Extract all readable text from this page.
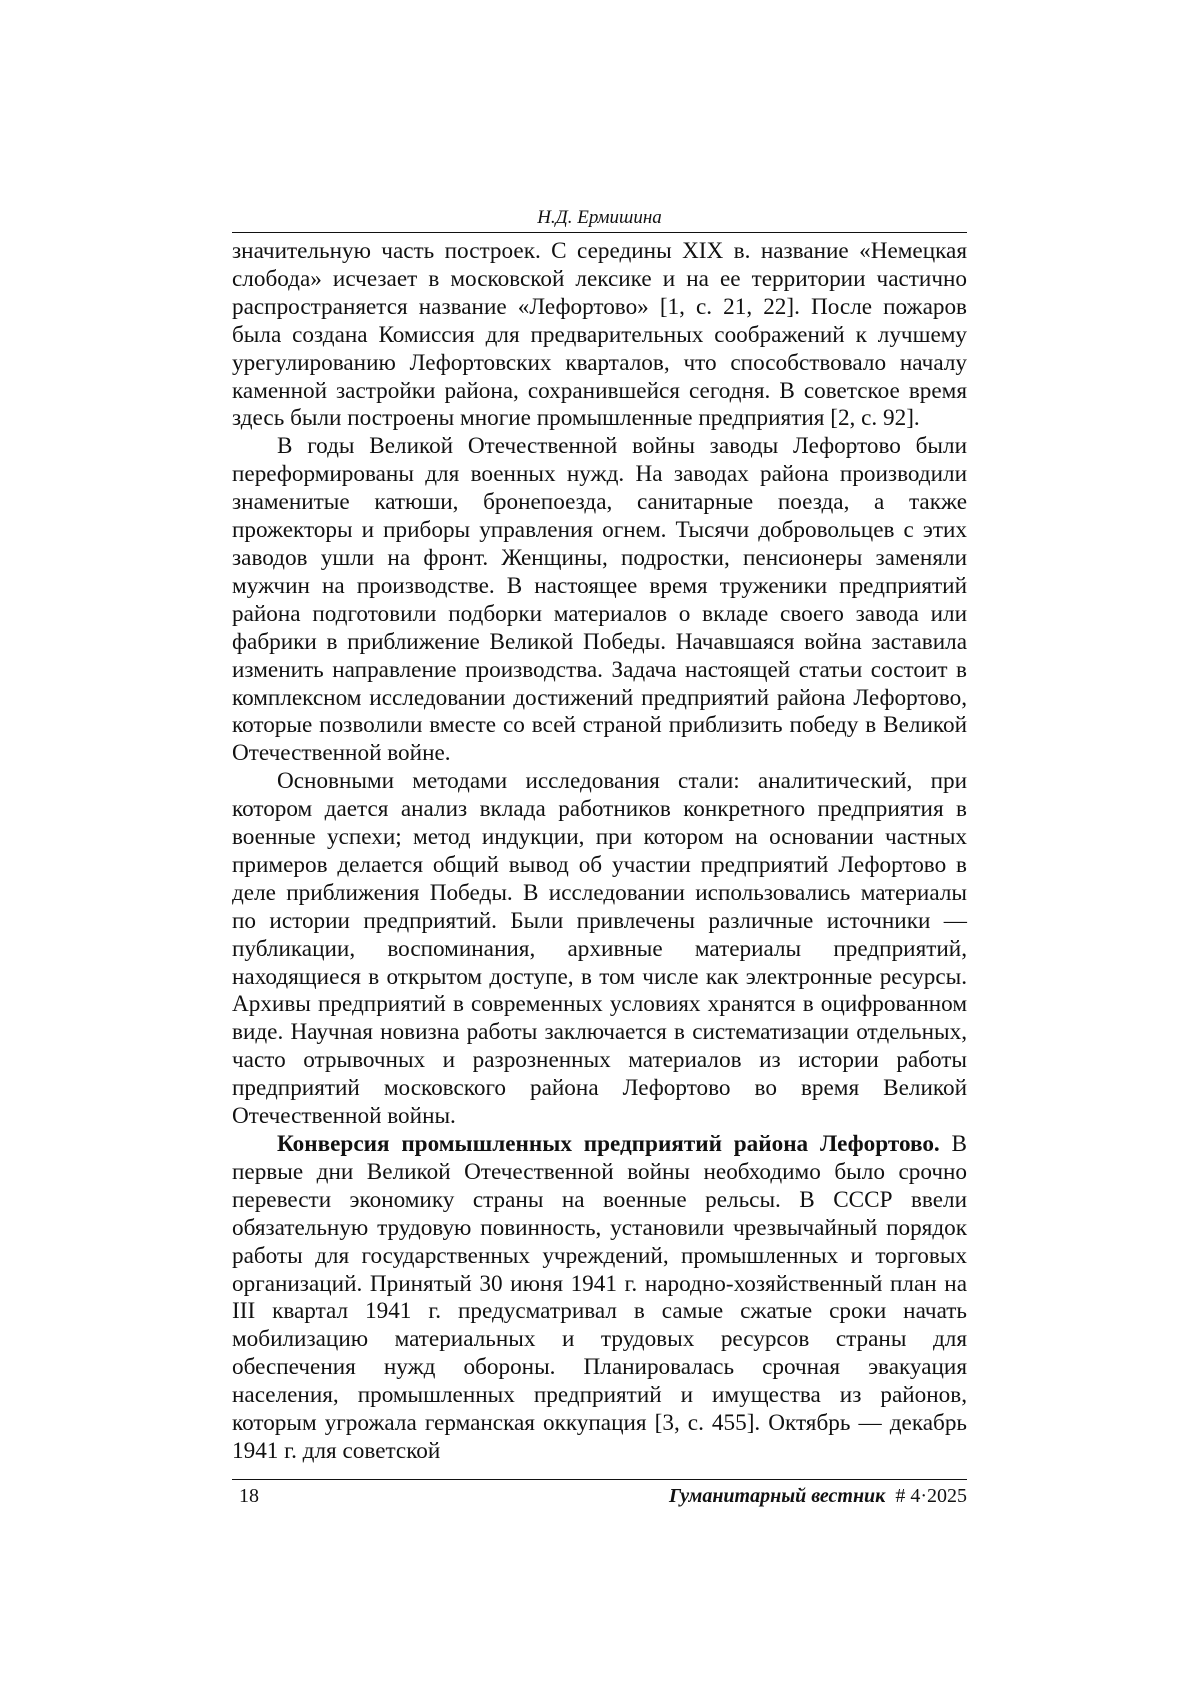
Н.Д. Ермишина

значительную часть построек. С середины XIX в. название «Немецкая слобода» исчезает в московской лексике и на ее территории частично распространяется название «Лефортово» [1, с. 21, 22]. После пожаров была создана Комиссия для предварительных соображений к лучшему урегулированию Лефортовских кварталов, что способствовало началу каменной застройки района, сохранившейся сегодня. В советское время здесь были построены многие промышленные предприятия [2, с. 92].

В годы Великой Отечественной войны заводы Лефортово были переформированы для военных нужд. На заводах района производили знаменитые катюши, бронепоезда, санитарные поезда, а также прожекторы и приборы управления огнем. Тысячи добровольцев с этих заводов ушли на фронт. Женщины, подростки, пенсионеры заменяли мужчин на производстве. В настоящее время труженики предприятий района подготовили подборки материалов о вкладе своего завода или фабрики в приближение Великой Победы. Начавшаяся война заставила изменить направление производства. Задача настоящей статьи состоит в комплексном исследовании достижений предприятий района Лефортово, которые позволили вместе со всей страной приблизить победу в Великой Отечественной войне.

Основными методами исследования стали: аналитический, при котором дается анализ вклада работников конкретного предприятия в военные успехи; метод индукции, при котором на основании частных примеров делается общий вывод об участии предприятий Лефортово в деле приближения Победы. В исследовании использовались материалы по истории предприятий. Были привлечены различные источники — публикации, воспоминания, архивные материалы предприятий, находящиеся в открытом доступе, в том числе как электронные ресурсы. Архивы предприятий в современных условиях хранятся в оцифрованном виде. Научная новизна работы заключается в систематизации отдельных, часто отрывочных и разрозненных материалов из истории работы предприятий московского района Лефортово во время Великой Отечественной войны.

Конверсия промышленных предприятий района Лефортово. В первые дни Великой Отечественной войны необходимо было срочно перевести экономику страны на военные рельсы. В СССР ввели обязательную трудовую повинность, установили чрезвычайный порядок работы для государственных учреждений, промышленных и торговых организаций. Принятый 30 июня 1941 г. народно-хозяйственный план на III квартал 1941 г. предусматривал в самые сжатые сроки начать мобилизацию материальных и трудовых ресурсов страны для обеспечения нужд обороны. Планировалась срочная эвакуация населения, промышленных предприятий и имущества из районов, которым угрожала германская оккупация [3, с. 455]. Октябрь — декабрь 1941 г. для советской

18	Гуманитарный вестник # 4·2025
